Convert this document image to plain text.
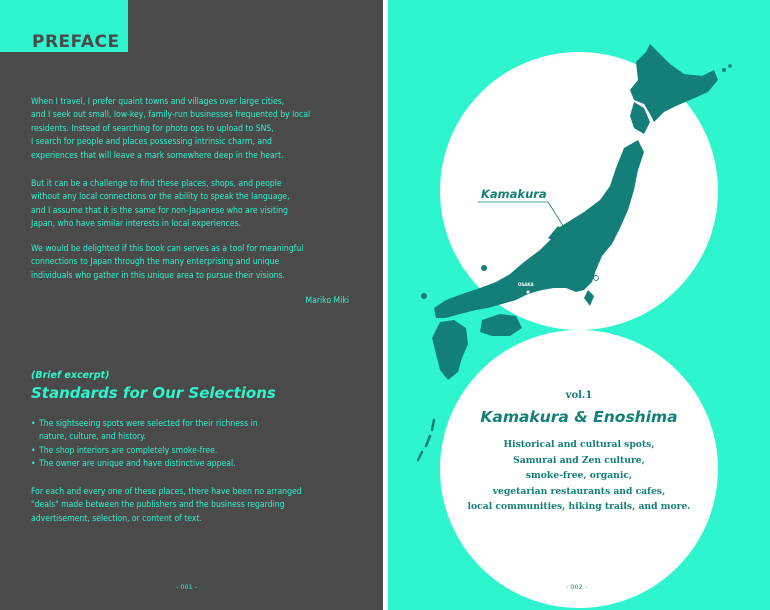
PREFACE
When I travel, I prefer quaint towns and villages over large cities,
and I seek out small, low-key, family-run businesses frequented by local
residents. Instead of searching for photo ops to upload to SNS,
I search for people and places possessing intrinsic charm, and
experiences that will leave a mark somewhere deep in the heart.
But it can be a challenge to find these places, shops, and people
without any local connections or the ability to speak the language,
and I assume that it is the same for non-Japanese who are visiting
Japan, who have similar interests in local experiences.
We would be delighted if this book can serves as a tool for meaningful
connections to Japan through the many enterprising and unique
individuals who gather in this unique area to pursue their visions.
Mariko Miki
(Brief excerpt)
Standards for Our Selections
• The sightseeing spots were selected for their richness in
nature, culture, and history.
• The shop interiors are completely smoke-free.
• The owner are unique and have distinctive appeal.
For each and every one of these places, there have been no arranged
"deals" made between the publishers and the business regarding
advertisement, selection, or content of text.
- 001 -
Kamakura
TOKYO
OSAKA
vol.1
Kamakura & Enoshima
Historical and cultural spots,
Samurai and Zen culture,
smoke-free, organic,
vegetarian restaurants and cafes,
local communities, hiking trails, and more.
- 002 -
